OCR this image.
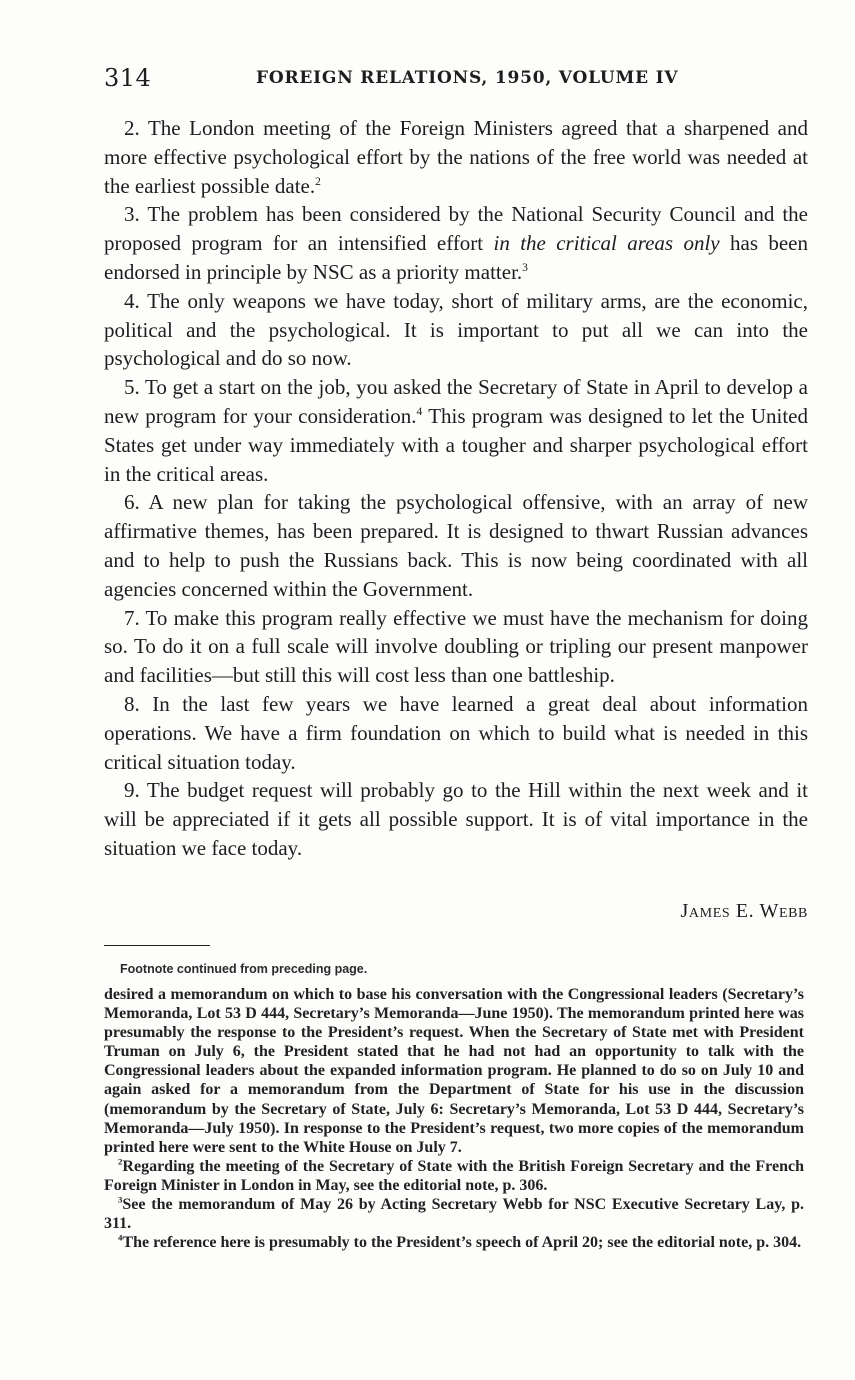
314	FOREIGN RELATIONS, 1950, VOLUME IV

2. The London meeting of the Foreign Ministers agreed that a sharpened and more effective psychological effort by the nations of the free world was needed at the earliest possible date.$^2$

3. The problem has been considered by the National Security Council and the proposed program for an intensified effort in the critical areas only has been endorsed in principle by NSC as a priority matter.$^3$

4. The only weapons we have today, short of military arms, are the economic, political and the psychological. It is important to put all we can into the psychological and do so now.

5. To get a start on the job, you asked the Secretary of State in April to develop a new program for your consideration.$^4$ This program was designed to let the United States get under way immediately with a tougher and sharper psychological effort in the critical areas.

6. A new plan for taking the psychological offensive, with an array of new affirmative themes, has been prepared. It is designed to thwart Russian advances and to help to push the Russians back. This is now being coordinated with all agencies concerned within the Government.

7. To make this program really effective we must have the mechanism for doing so. To do it on a full scale will involve doubling or tripling our present manpower and facilities—but still this will cost less than one battleship.

8. In the last few years we have learned a great deal about information operations. We have a firm foundation on which to build what is needed in this critical situation today.

9. The budget request will probably go to the Hill within the next week and it will be appreciated if it gets all possible support. It is of vital importance in the situation we face today.

James E. Webb
Footnote continued from preceding page.

desired a memorandum on which to base his conversation with the Congressional leaders (Secretary’s Memoranda, Lot 53 D 444, Secretary’s Memoranda—June 1950). The memorandum printed here was presumably the response to the President’s request. When the Secretary of State met with President Truman on July 6, the President stated that he had not had an opportunity to talk with the Congressional leaders about the expanded information program. He planned to do so on July 10 and again asked for a memorandum from the Department of State for his use in the discussion (memorandum by the Secretary of State, July 6: Secretary’s Memoranda, Lot 53 D 444, Secretary’s Memoranda—July 1950). In response to the President’s request, two more copies of the memorandum printed here were sent to the White House on July 7.

$^2$Regarding the meeting of the Secretary of State with the British Foreign Secretary and the French Foreign Minister in London in May, see the editorial note, p. 306.

$^3$See the memorandum of May 26 by Acting Secretary Webb for NSC Executive Secretary Lay, p. 311.

$^4$The reference here is presumably to the President’s speech of April 20; see the editorial note, p. 304.
